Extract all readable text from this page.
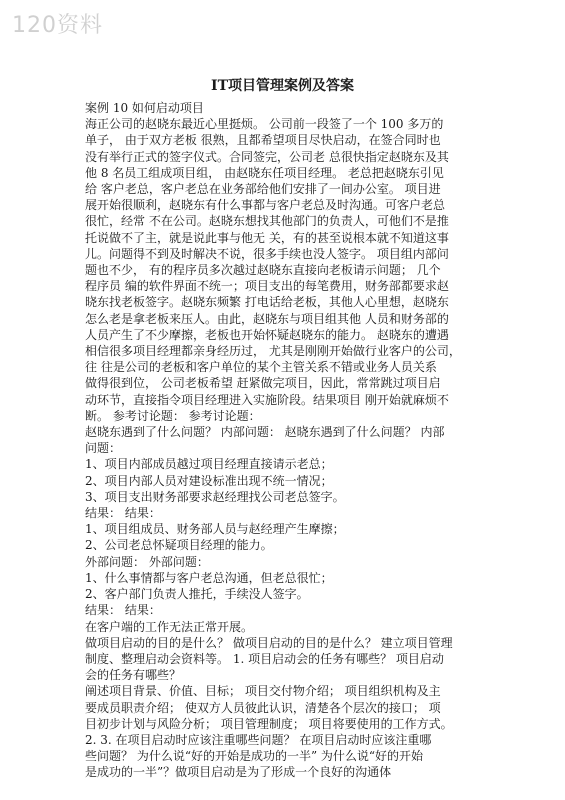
120资料
IT项目管理案例及答案

案例 10 如何启动项目

海正公司的赵晓东最近心里挺烦。 公司前一段签了一个 100 多万的

单子， 由于双方老板 很熟，且都希望项目尽快启动，在签合同时也

没有举行正式的签字仪式。合同签完，公司老 总很快指定赵晓东及其

他 8 名员工组成项目组， 由赵晓东任项目经理。 老总把赵晓东引见

给 客户老总，客户老总在业务部给他们安排了一间办公室。 项目进

展开始很顺利，赵晓东有什么事都与客户老总及时沟通。可客户老总

很忙，经常 不在公司。赵晓东想找其他部门的负责人，可他们不是推

托说做不了主，就是说此事与他无 关，有的甚至说根本就不知道这事

儿。问题得不到及时解决不说，很多手续也没人签字。 项目组内部问

题也不少， 有的程序员多次越过赵晓东直接向老板请示问题； 几个

程序员 编的软件界面不统一；项目支出的每笔费用，财务部都要求赵

晓东找老板签字。赵晓东频繁 打电话给老板，其他人心里想，赵晓东

怎么老是拿老板来压人。由此，赵晓东与项目组其他 人员和财务部的

人员产生了不少摩擦，老板也开始怀疑赵晓东的能力。 赵晓东的遭遇

相信很多项目经理都亲身经历过， 尤其是刚刚开始做行业客户的公司，

往 往是公司的老板和客户单位的某个主管关系不错或业务人员关系

做得很到位， 公司老板希望 赶紧做完项目，因此，常常跳过项目启

动环节，直接指令项目经理进入实施阶段。结果项目 刚开始就麻烦不

断。 参考讨论题： 参考讨论题：

赵晓东遇到了什么问题？ 内部问题： 赵晓东遇到了什么问题？ 内部

问题：

1、项目内部成员越过项目经理直接请示老总；

2、项目内部人员对建设标准出现不统一情况；

3、项目支出财务部要求赵经理找公司老总签字。

结果： 结果：

1、项目组成员、财务部人员与赵经理产生摩擦；

2、公司老总怀疑项目经理的能力。

外部问题： 外部问题：

1、什么事情都与客户老总沟通，但老总很忙；

2、客户部门负责人推托，手续没人签字。

结果： 结果：

在客户端的工作无法正常开展。

做项目启动的目的是什么？ 做项目启动的目的是什么？ 建立项目管理

制度、整理启动会资料等。 1. 项目启动会的任务有哪些？ 项目启动

会的任务有哪些？

阐述项目背景、价值、目标； 项目交付物介绍； 项目组织机构及主

要成员职责介绍； 使双方人员彼此认识，清楚各个层次的接口； 项

目初步计划与风险分析； 项目管理制度； 项目将要使用的工作方式。

2. 3. 在项目启动时应该注重哪些问题？ 在项目启动时应该注重哪

些问题？ 为什么说“好的开始是成功的一半” 为什么说“好的开始

是成功的一半”？做项目启动是为了形成一个良好的沟通体
